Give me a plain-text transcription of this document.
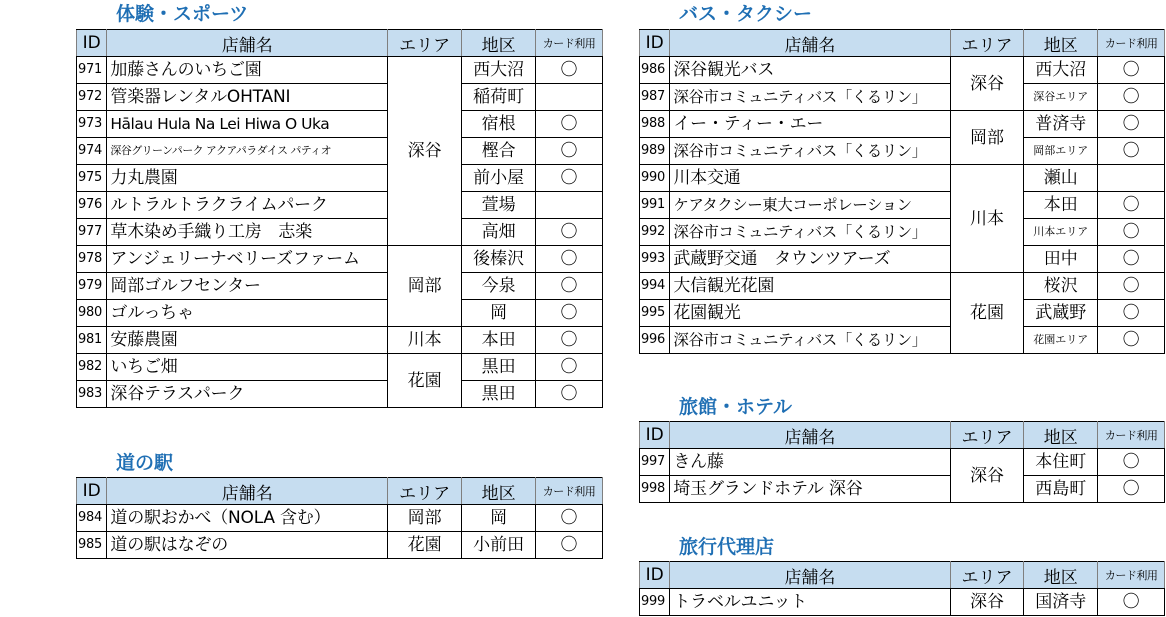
体験・スポーツ
ID	店舗名	エリア	地区	カード利用
971	加藤さんのいちご園	深谷	西大沼	〇
972	管楽器レンタルOHTANI		稲荷町	
973	Hālau Hula Na Lei Hiwa O Uka		宿根	〇
974	深谷グリーンパーク アクアパラダイス パティオ		樫合	〇
975	力丸農園		前小屋	〇
976	ルトラルトラクライムパーク		萱場	
977	草木染め手織り工房　志楽		高畑	〇
978	アンジェリーナベリーズファーム	岡部	後榛沢	〇
979	岡部ゴルフセンター		今泉	〇
980	ゴルっちゃ		岡	〇
981	安藤農園	川本	本田	〇
982	いちご畑	花園	黒田	〇
983	深谷テラスパーク		黒田	〇
道の駅
ID	店舗名	エリア	地区	カード利用
984	道の駅おかべ（NOLA 含む）	岡部	岡	〇
985	道の駅はなぞの	花園	小前田	〇
バス・タクシー
ID	店舗名	エリア	地区	カード利用
986	深谷観光バス	深谷	西大沼	〇
987	深谷市コミュニティバス「くるリン」		深谷エリア	〇
988	イー・ティー・エー	岡部	普済寺	〇
989	深谷市コミュニティバス「くるリン」		岡部エリア	〇
990	川本交通	川本	瀬山	
991	ケアタクシー東大コーポレーション		本田	〇
992	深谷市コミュニティバス「くるリン」		川本エリア	〇
993	武蔵野交通　タウンツアーズ		田中	〇
994	大信観光花園	花園	桜沢	〇
995	花園観光		武蔵野	〇
996	深谷市コミュニティバス「くるリン」		花園エリア	〇
旅館・ホテル
ID	店舗名	エリア	地区	カード利用
997	きん藤	深谷	本住町	〇
998	埼玉グランドホテル 深谷		西島町	〇
旅行代理店
ID	店舗名	エリア	地区	カード利用
999	トラベルユニット	深谷	国済寺	〇
